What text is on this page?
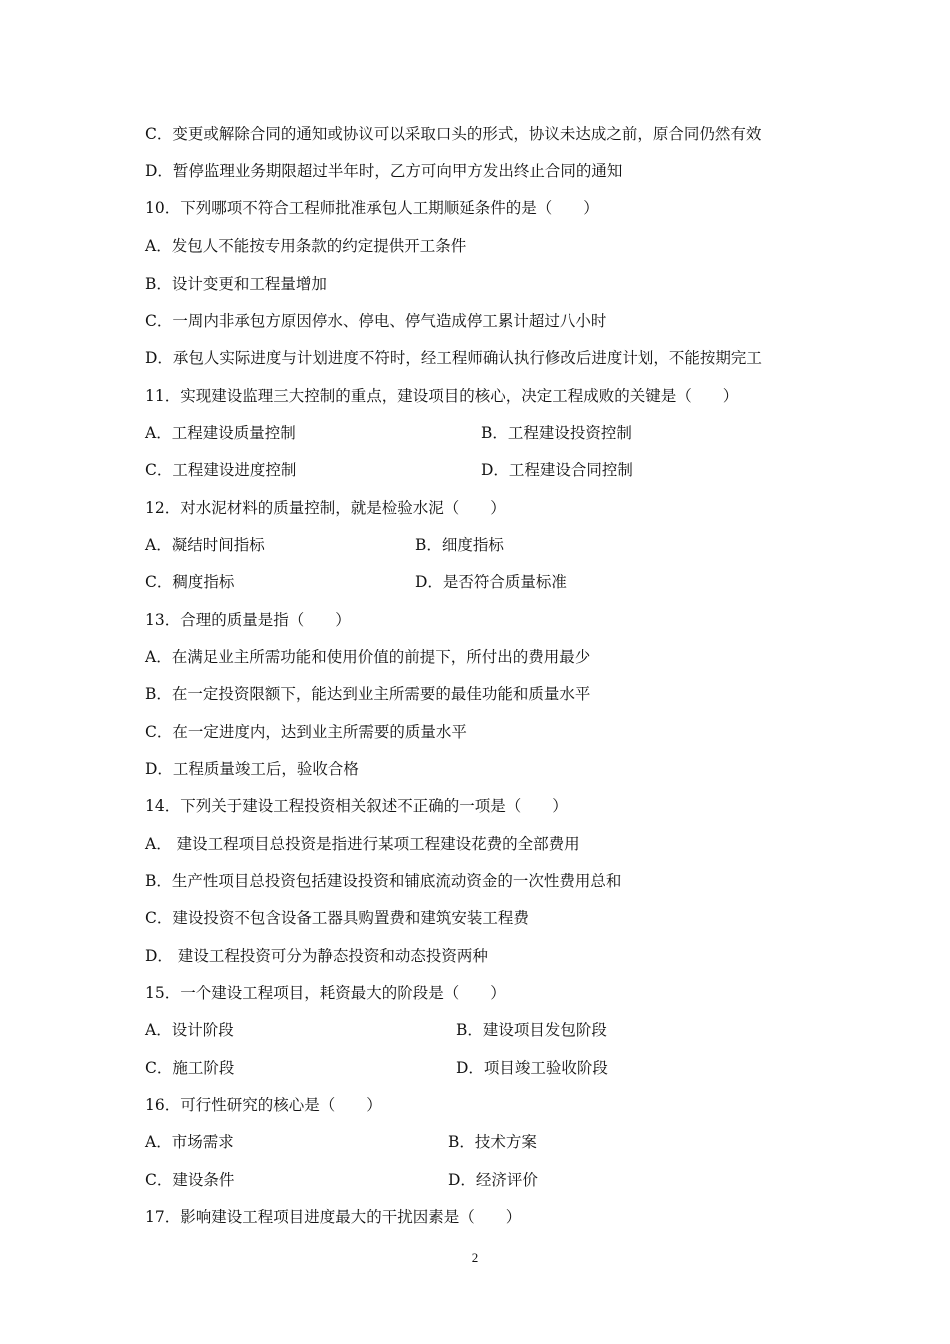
C．变更或解除合同的通知或协议可以采取口头的形式，协议未达成之前，原合同仍然有效
D．暂停监理业务期限超过半年时，乙方可向甲方发出终止合同的通知
10．下列哪项不符合工程师批准承包人工期顺延条件的是（　　）
A．发包人不能按专用条款的约定提供开工条件
B．设计变更和工程量增加
C．一周内非承包方原因停水、停电、停气造成停工累计超过八小时
D．承包人实际进度与计划进度不符时，经工程师确认执行修改后进度计划，不能按期完工
11．实现建设监理三大控制的重点，建设项目的核心，决定工程成败的关键是（　　）
A．工程建设质量控制	B．工程建设投资控制
C．工程建设进度控制	D．工程建设合同控制
12．对水泥材料的质量控制，就是检验水泥（　　）
A．凝结时间指标	B．细度指标
C．稠度指标	D．是否符合质量标准
13．合理的质量是指（　　）
A．在满足业主所需功能和使用价值的前提下，所付出的费用最少
B．在一定投资限额下，能达到业主所需要的最佳功能和质量水平
C．在一定进度内，达到业主所需要的质量水平
D．工程质量竣工后，验收合格
14．下列关于建设工程投资相关叙述不正确的一项是（　　）
A． 建设工程项目总投资是指进行某项工程建设花费的全部费用
B．生产性项目总投资包括建设投资和铺底流动资金的一次性费用总和
C．建设投资不包含设备工器具购置费和建筑安装工程费
D． 建设工程投资可分为静态投资和动态投资两种
15．一个建设工程项目，耗资最大的阶段是（　　）
A．设计阶段	B．建设项目发包阶段
C．施工阶段	D．项目竣工验收阶段
16．可行性研究的核心是（　　）
A．市场需求	B．技术方案
C．建设条件	D．经济评价
17．影响建设工程项目进度最大的干扰因素是（　　）
2
